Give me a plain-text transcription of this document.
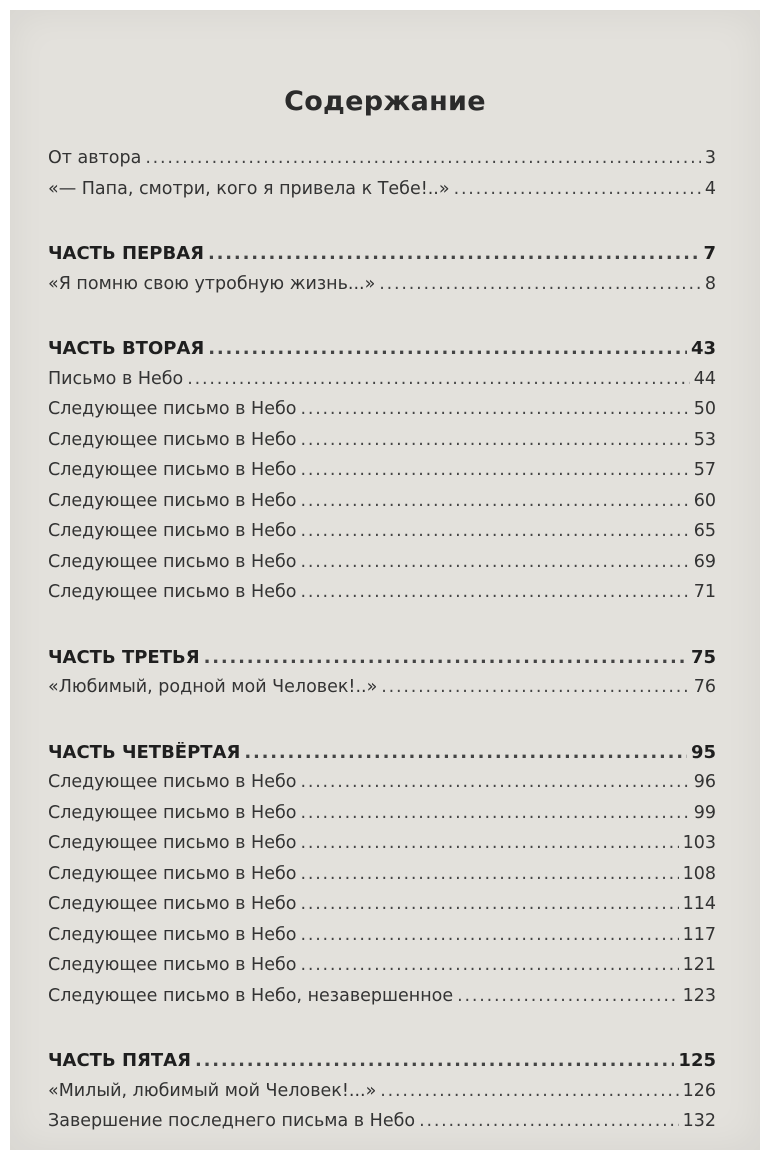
Содержание
От автора .....	3
«— Папа, смотри, кого я привела к Тебе!..» .....	4
ЧАСТЬ ПЕРВАЯ .....	7
«Я помню свою утробную жизнь...» .....	8
ЧАСТЬ ВТОРАЯ .....	43
Письмо в Небо .....	44
Следующее письмо в Небо .....	50
Следующее письмо в Небо .....	53
Следующее письмо в Небо .....	57
Следующее письмо в Небо .....	60
Следующее письмо в Небо .....	65
Следующее письмо в Небо .....	69
Следующее письмо в Небо .....	71
ЧАСТЬ ТРЕТЬЯ .....	75
«Любимый, родной мой Человек!..» .....	76
ЧАСТЬ ЧЕТВЁРТАЯ .....	95
Следующее письмо в Небо .....	96
Следующее письмо в Небо .....	99
Следующее письмо в Небо .....	103
Следующее письмо в Небо .....	108
Следующее письмо в Небо .....	114
Следующее письмо в Небо .....	117
Следующее письмо в Небо .....	121
Следующее письмо в Небо, незавершенное .....	123
ЧАСТЬ ПЯТАЯ .....	125
«Милый, любимый мой Человек!...» .....	126
Завершение последнего письма в Небо .....	132
